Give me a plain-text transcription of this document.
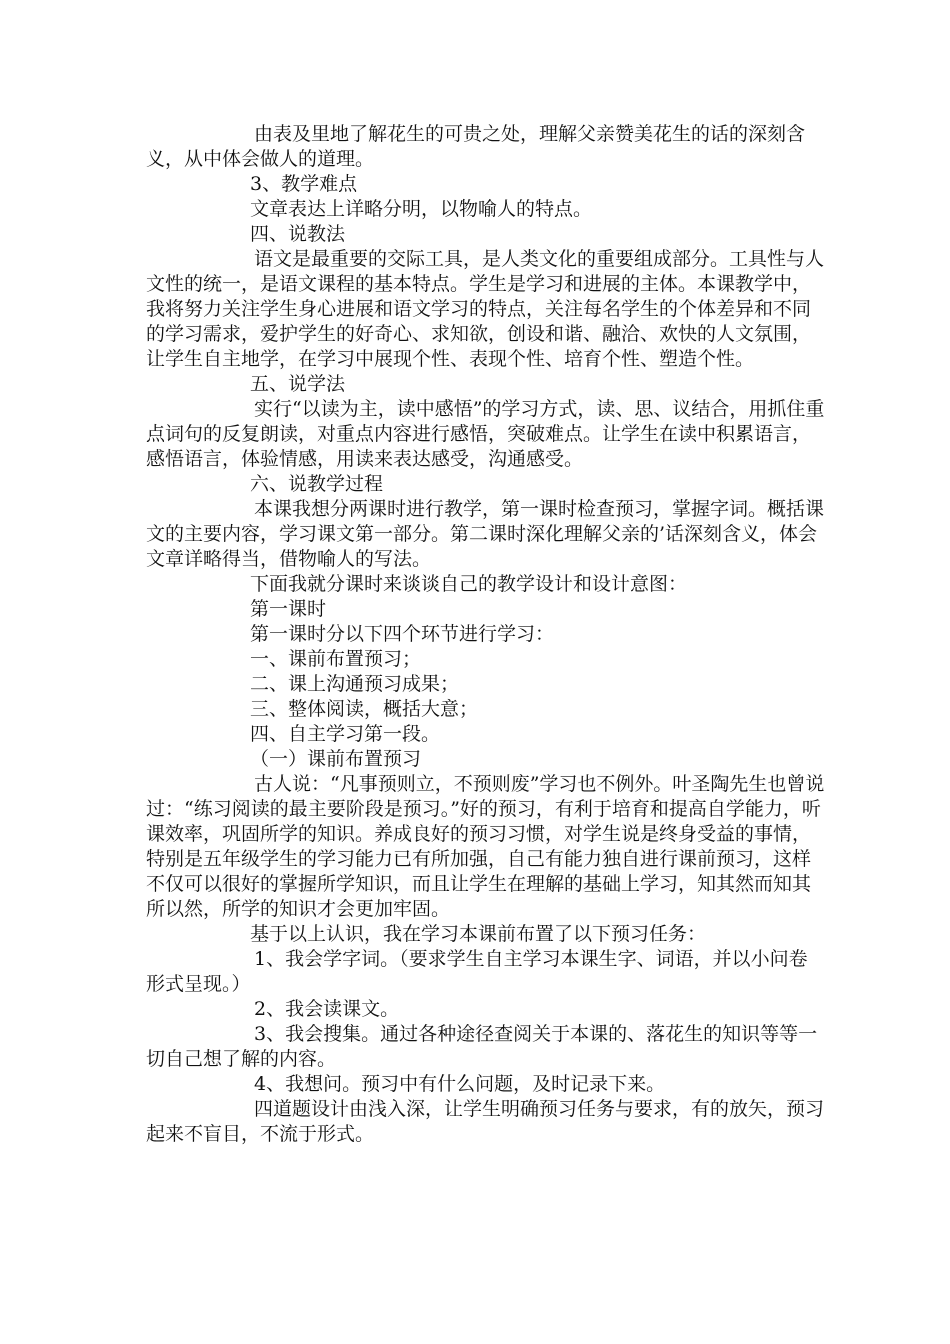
由表及里地了解花生的可贵之处，理解父亲赞美花生的话的深刻含义，从中体会做人的道理。

3、教学难点

文章表达上详略分明，以物喻人的特点。

四、说教法

语文是最重要的交际工具，是人类文化的重要组成部分。工具性与人文性的统一，是语文课程的基本特点。学生是学习和进展的主体。本课教学中，我将努力关注学生身心进展和语文学习的特点，关注每名学生的个体差异和不同的学习需求，爱护学生的好奇心、求知欲，创设和谐、融洽、欢快的人文氛围，让学生自主地学，在学习中展现个性、表现个性、培育个性、塑造个性。

五、说学法

实行“以读为主，读中感悟”的学习方式，读、思、议结合，用抓住重点词句的反复朗读，对重点内容进行感悟，突破难点。让学生在读中积累语言，感悟语言，体验情感，用读来表达感受，沟通感受。

六、说教学过程

本课我想分两课时进行教学，第一课时检查预习，掌握字词。概括课文的主要内容，学习课文第一部分。第二课时深化理解父亲的’话深刻含义，体会文章详略得当，借物喻人的写法。

下面我就分课时来谈谈自己的教学设计和设计意图：

第一课时

第一课时分以下四个环节进行学习：

一、课前布置预习；

二、课上沟通预习成果；

三、整体阅读，概括大意；

四、自主学习第一段。

（一）课前布置预习

古人说：“凡事预则立，不预则废”学习也不例外。叶圣陶先生也曾说过：“练习阅读的最主要阶段是预习。”好的预习，有利于培育和提高自学能力，听课效率，巩固所学的知识。养成良好的预习习惯，对学生说是终身受益的事情，特别是五年级学生的学习能力已有所加强，自己有能力独自进行课前预习，这样不仅可以很好的掌握所学知识，而且让学生在理解的基础上学习，知其然而知其所以然，所学的知识才会更加牢固。

基于以上认识，我在学习本课前布置了以下预习任务：

1、我会学字词。（要求学生自主学习本课生字、词语，并以小问卷形式呈现。）

2、我会读课文。

3、我会搜集。通过各种途径查阅关于本课的、落花生的知识等等一切自己想了解的内容。

4、我想问。预习中有什么问题，及时记录下来。

四道题设计由浅入深，让学生明确预习任务与要求，有的放矢，预习起来不盲目，不流于形式。
